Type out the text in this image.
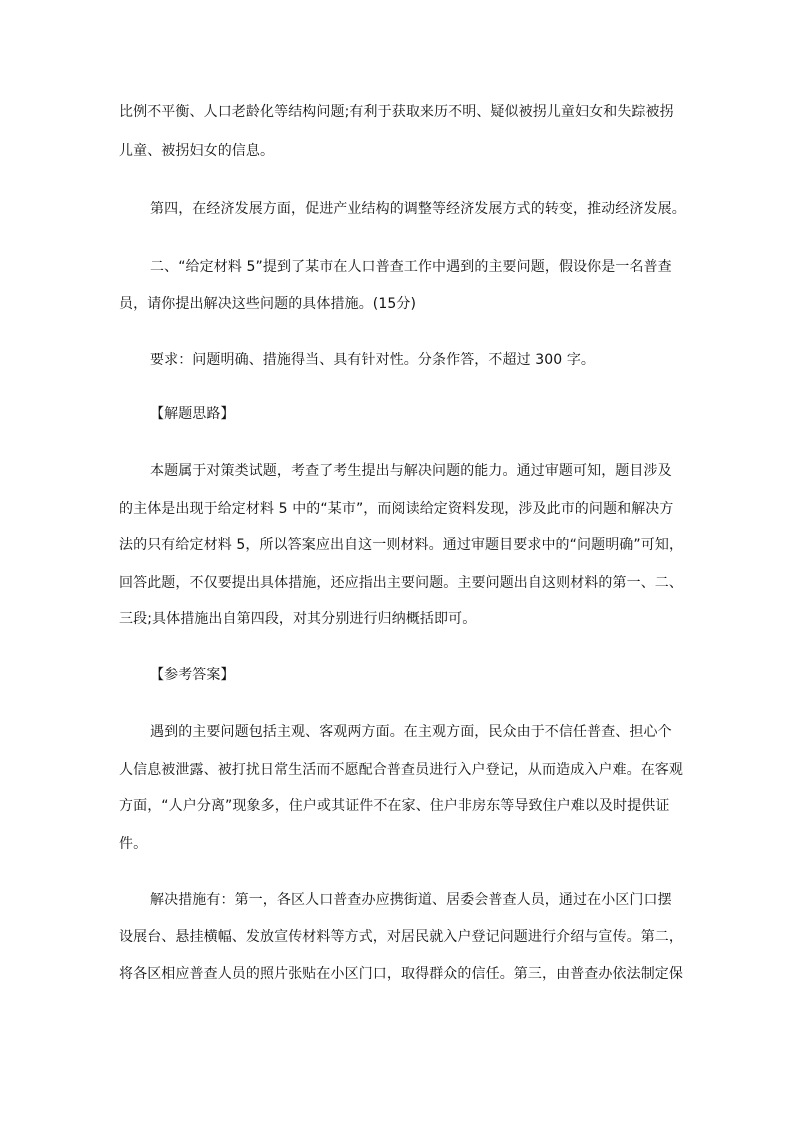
比例不平衡、人口老龄化等结构问题;有利于获取来历不明、疑似被拐儿童妇女和失踪被拐
儿童、被拐妇女的信息。
第四，在经济发展方面，促进产业结构的调整等经济发展方式的转变，推动经济发展。
二、“给定材料 5”提到了某市在人口普查工作中遇到的主要问题，假设你是一名普查
员，请你提出解决这些问题的具体措施。(15分)
要求：问题明确、措施得当、具有针对性。分条作答，不超过 300 字。
【解题思路】
本题属于对策类试题，考查了考生提出与解决问题的能力。通过审题可知，题目涉及
的主体是出现于给定材料 5 中的“某市”，而阅读给定资料发现，涉及此市的问题和解决方
法的只有给定材料 5，所以答案应出自这一则材料。通过审题目要求中的“问题明确”可知，
回答此题，不仅要提出具体措施，还应指出主要问题。主要问题出自这则材料的第一、二、
三段;具体措施出自第四段，对其分别进行归纳概括即可。
【参考答案】
遇到的主要问题包括主观、客观两方面。在主观方面，民众由于不信任普查、担心个
人信息被泄露、被打扰日常生活而不愿配合普查员进行入户登记，从而造成入户难。在客观
方面，“人户分离”现象多，住户或其证件不在家、住户非房东等导致住户难以及时提供证
件。
解决措施有：第一，各区人口普查办应携街道、居委会普查人员，通过在小区门口摆
设展台、悬挂横幅、发放宣传材料等方式，对居民就入户登记问题进行介绍与宣传。第二，
将各区相应普查人员的照片张贴在小区门口，取得群众的信任。第三，由普查办依法制定保
